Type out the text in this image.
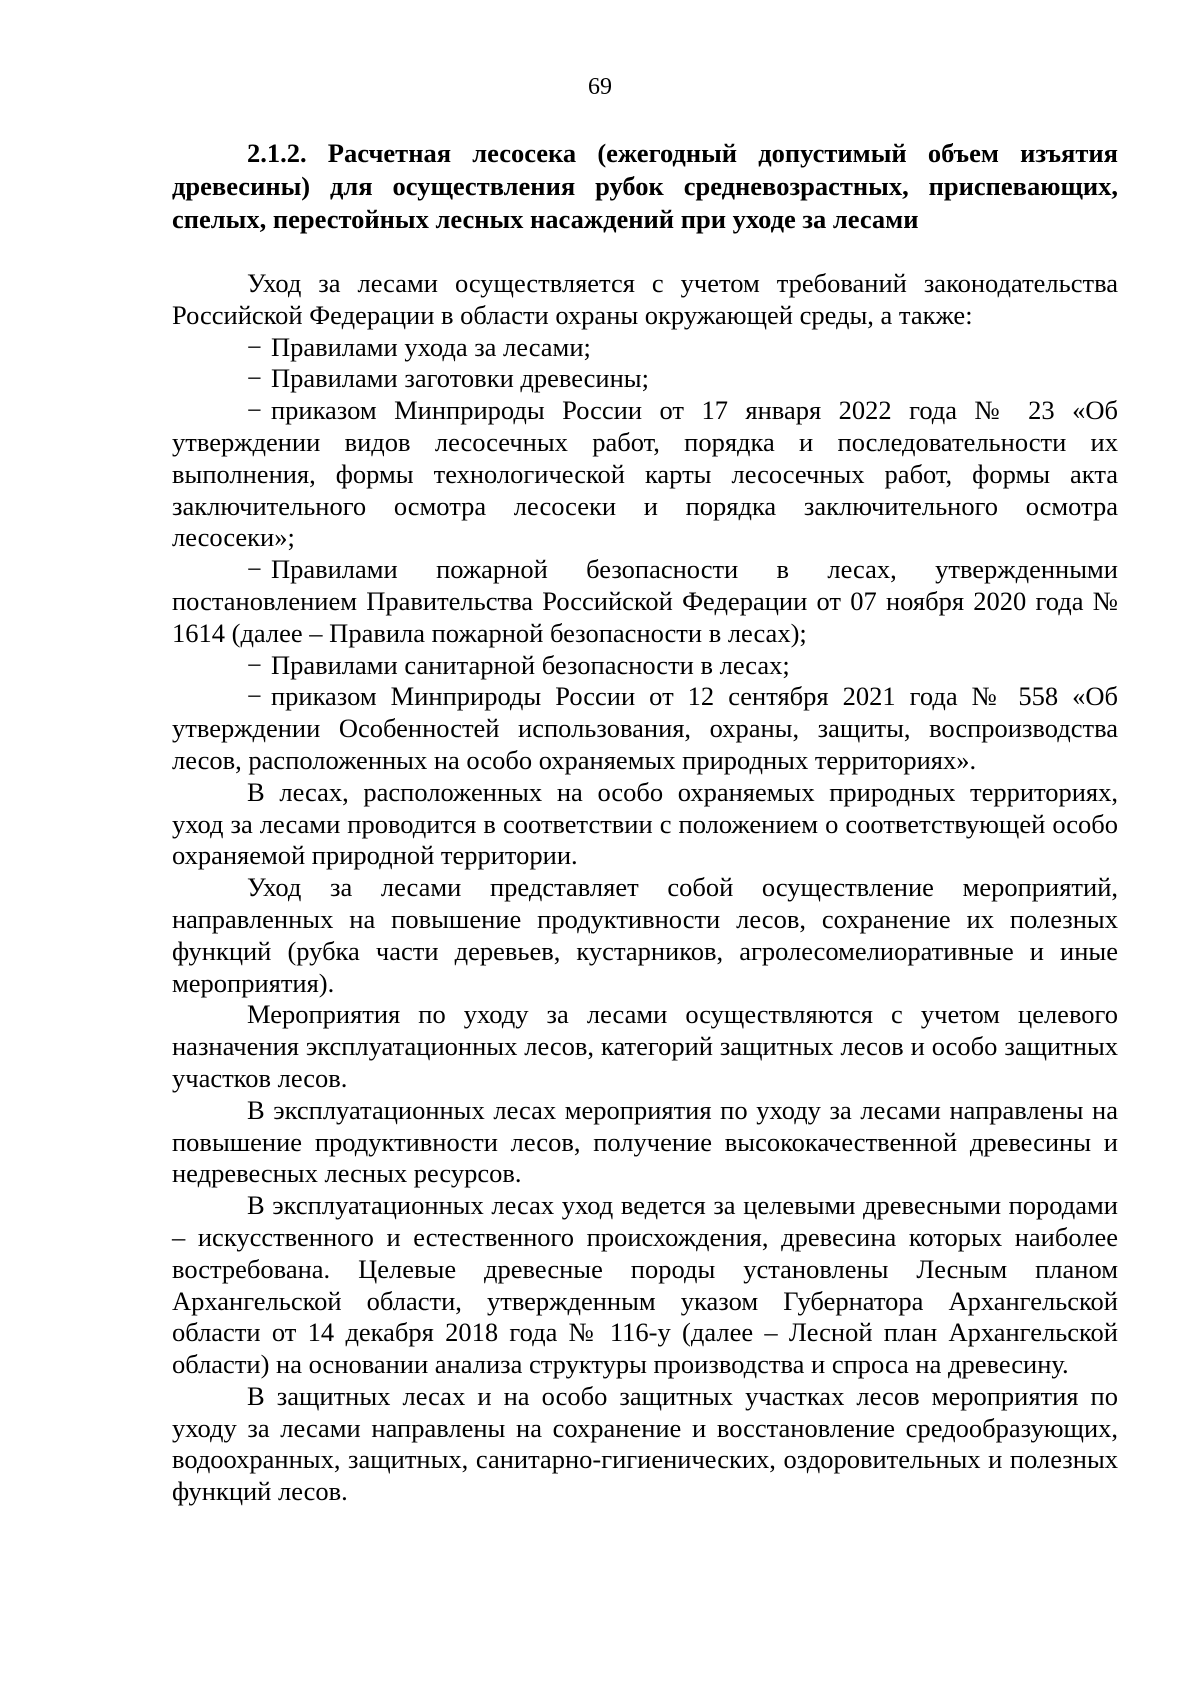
69
2.1.2. Расчетная лесосека (ежегодный допустимый объем изъятия древесины) для осуществления рубок средневозрастных, приспевающих, спелых, перестойных лесных насаждений при уходе за лесами

Уход за лесами осуществляется с учетом требований законодательства Российской Федерации в области охраны окружающей среды, а также:

− Правилами ухода за лесами;
− Правилами заготовки древесины;
− приказом Минприроды России от 17 января 2022 года № 23 «Об утверждении видов лесосечных работ, порядка и последовательности их выполнения, формы технологической карты лесосечных работ, формы акта заключительного осмотра лесосеки и порядка заключительного осмотра лесосеки»;
− Правилами пожарной безопасности в лесах, утвержденными постановлением Правительства Российской Федерации от 07 ноября 2020 года № 1614 (далее – Правила пожарной безопасности в лесах);
− Правилами санитарной безопасности в лесах;
− приказом Минприроды России от 12 сентября 2021 года № 558 «Об утверждении Особенностей использования, охраны, защиты, воспроизводства лесов, расположенных на особо охраняемых природных территориях».

В лесах, расположенных на особо охраняемых природных территориях, уход за лесами проводится в соответствии с положением о соответствующей особо охраняемой природной территории.

Уход за лесами представляет собой осуществление мероприятий, направленных на повышение продуктивности лесов, сохранение их полезных функций (рубка части деревьев, кустарников, агролесомелиоративные и иные мероприятия).

Мероприятия по уходу за лесами осуществляются с учетом целевого назначения эксплуатационных лесов, категорий защитных лесов и особо защитных участков лесов.

В эксплуатационных лесах мероприятия по уходу за лесами направлены на повышение продуктивности лесов, получение высококачественной древесины и недревесных лесных ресурсов.

В эксплуатационных лесах уход ведется за целевыми древесными породами – искусственного и естественного происхождения, древесина которых наиболее востребована. Целевые древесные породы установлены Лесным планом Архангельской области, утвержденным указом Губернатора Архангельской области от 14 декабря 2018 года № 116-у (далее – Лесной план Архангельской области) на основании анализа структуры производства и спроса на древесину.

В защитных лесах и на особо защитных участках лесов мероприятия по уходу за лесами направлены на сохранение и восстановление средообразующих, водоохранных, защитных, санитарно-гигиенических, оздоровительных и полезных функций лесов.
